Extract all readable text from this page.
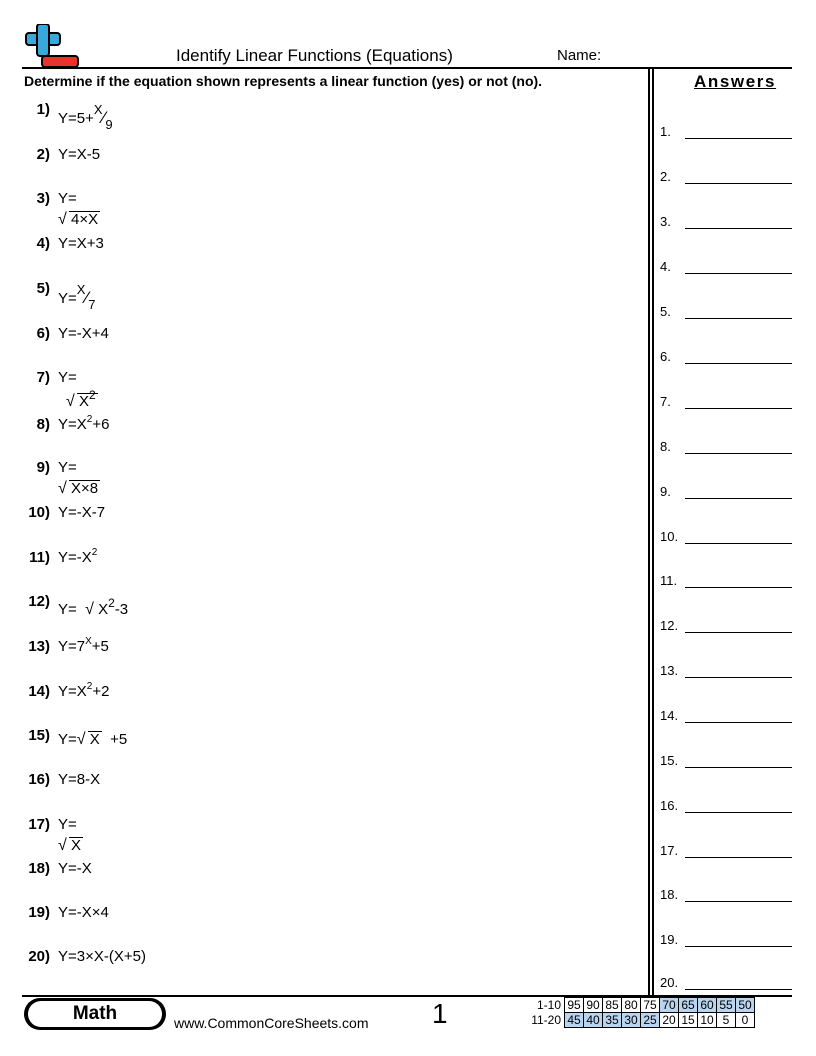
Identify Linear Functions (Equations)	Name:
Determine if the equation shown represents a linear function (yes) or not (no).	Answers
1)
Y=5+X⁄9
2) Y=X-5
3) Y=
√ 4×X
4) Y=X+3
5)
Y=X⁄7
6) Y=-X+4
7) Y=
√ $X^2$
8) $Y=X^2+6$
9) Y=
√ X×8
10) Y=-X-7
11) $Y=-X^2$
12) Y= √ $X^2-3$
13) $Y=7^X+5$
14) $Y=X^2+2$
15) Y= √ X +5
16) Y=8-X
17) Y=
√ X
18) Y=-X
19) Y=-X×4
20) Y=3×X-(X+5)
1.
2.
3.
4.
5.
6.
7.
8.
9.
10.
11.
12.
13.
14.
15.
16.
17.
18.
19.
20.
Math	www.CommonCoreSheets.com 1	1-10	95	90	85	80	75	70	65	60	55	50
11-20	45	40	35	30	25	20	15	10	5	0
